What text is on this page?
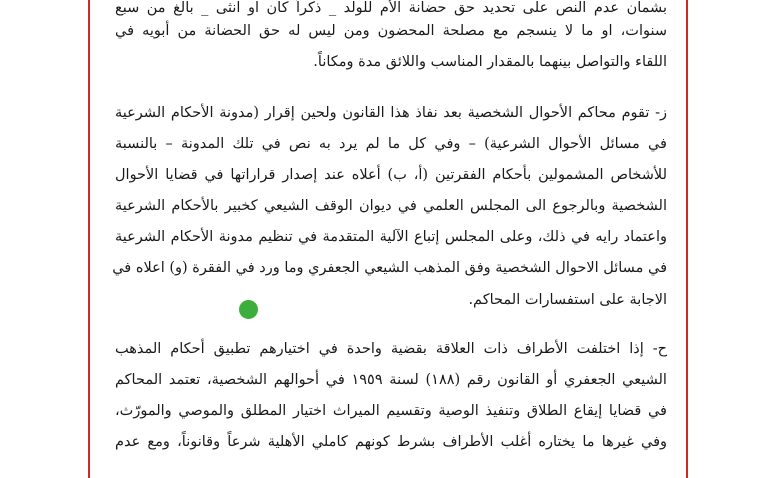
بشمان عدم النص على تحديد حق حضانة الأم للولد _ ذكراً كان او انثى _ بالغ من سبع
سنوات، او ما لا ينسجم مع مصلحة المحضون ومن ليس له حق الحضانة من أبويه في
اللقاء والتواصل بينهما بالمقدار المناسب واللائق مدة ومكاناً.
ز- تقوم محاكم الأحوال الشخصية بعد نفاذ هذا القانون ولحين إقرار (مدونة الأحكام الشرعية
في مسائل الأحوال الشرعية) – وفي كل ما لم يرد به نص في تلك المدونة – بالنسبة
للأشخاص المشمولين بأحكام الفقرتين (أ، ب) أعلاه عند إصدار قراراتها في قضايا الأحوال
الشخصية وبالرجوع الى المجلس العلمي في ديوان الوقف الشيعي كخبير بالأحكام الشرعية
واعتماد رايه في ذلك، وعلى المجلس إتباع الآلية المتقدمة في تنظيم مدونة الأحكام الشرعية
في مسائل الاحوال الشخصية وفق المذهب الشيعي الجعفري وما ورد في الفقرة (و) اعلاه في
الاجابة على استفسارات المحاكم.
ح- إذا اختلفت الأطراف ذات العلاقة بقضية واحدة في اختيارهم تطبيق أحكام المذهب
الشيعي الجعفري أو القانون رقم (١٨٨) لسنة ١٩٥٩ في أحوالهم الشخصية، تعتمد المحاكم
في قضايا إيقاع الطلاق وتنفيذ الوصية وتقسيم الميراث اختيار المطلق والموصي والمورّث،
وفي غيرها ما يختاره أغلب الأطراف بشرط كونهم كاملي الأهلية شرعاً وقانوناً، ومع عدم
